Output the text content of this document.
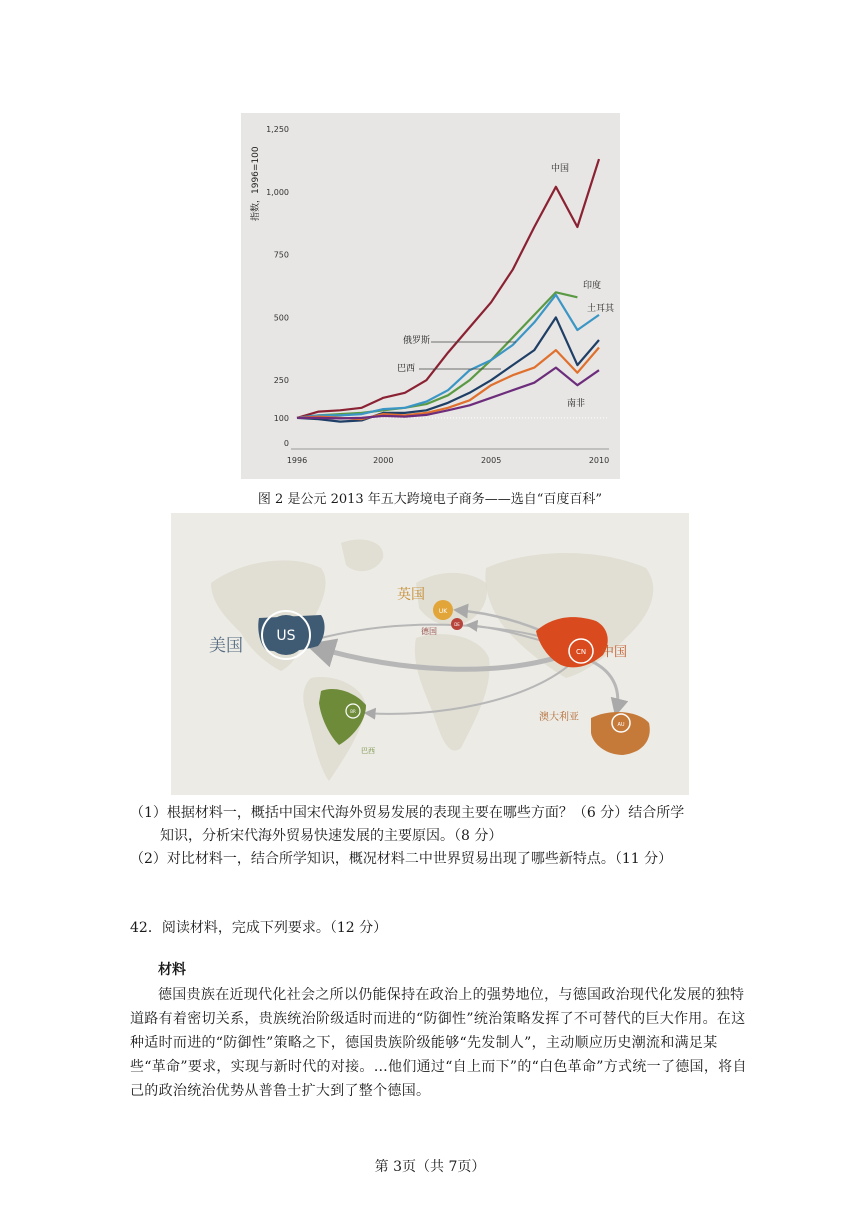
指数，1996=100
0
100
250
500
750
1,000
1,250
1996	2000	2005	2010
中国
印度
土耳其
俄罗斯
巴西
南非
图 2 是公元 2013 年五大跨境电子商务——选自“百度百科”
US
美国
UK
英国
DE
德国
CN 中国
AU
澳大利亚
BR
巴西
（1）根据材料一，概括中国宋代海外贸易发展的表现主要在哪些方面？（6 分）结合所学
知识，分析宋代海外贸易快速发展的主要原因。（8 分）
（2）对比材料一，结合所学知识，概况材料二中世界贸易出现了哪些新特点。（11 分）
42．阅读材料，完成下列要求。（12 分）
材料
德国贵族在近现代化社会之所以仍能保持在政治上的强势地位，与德国政治现代化发展的独特道路有着密切关系，贵族统治阶级适时而进的“防御性”统治策略发挥了不可替代的巨大作用。在这种适时而进的“防御性”策略之下，德国贵族阶级能够“先发制人”，主动顺应历史潮流和满足某些“革命”要求，实现与新时代的对接。…他们通过“自上而下”的“白色革命”方式统一了德国，将自己的政治统治优势从普鲁士扩大到了整个德国。
第 3页（共 7页）
